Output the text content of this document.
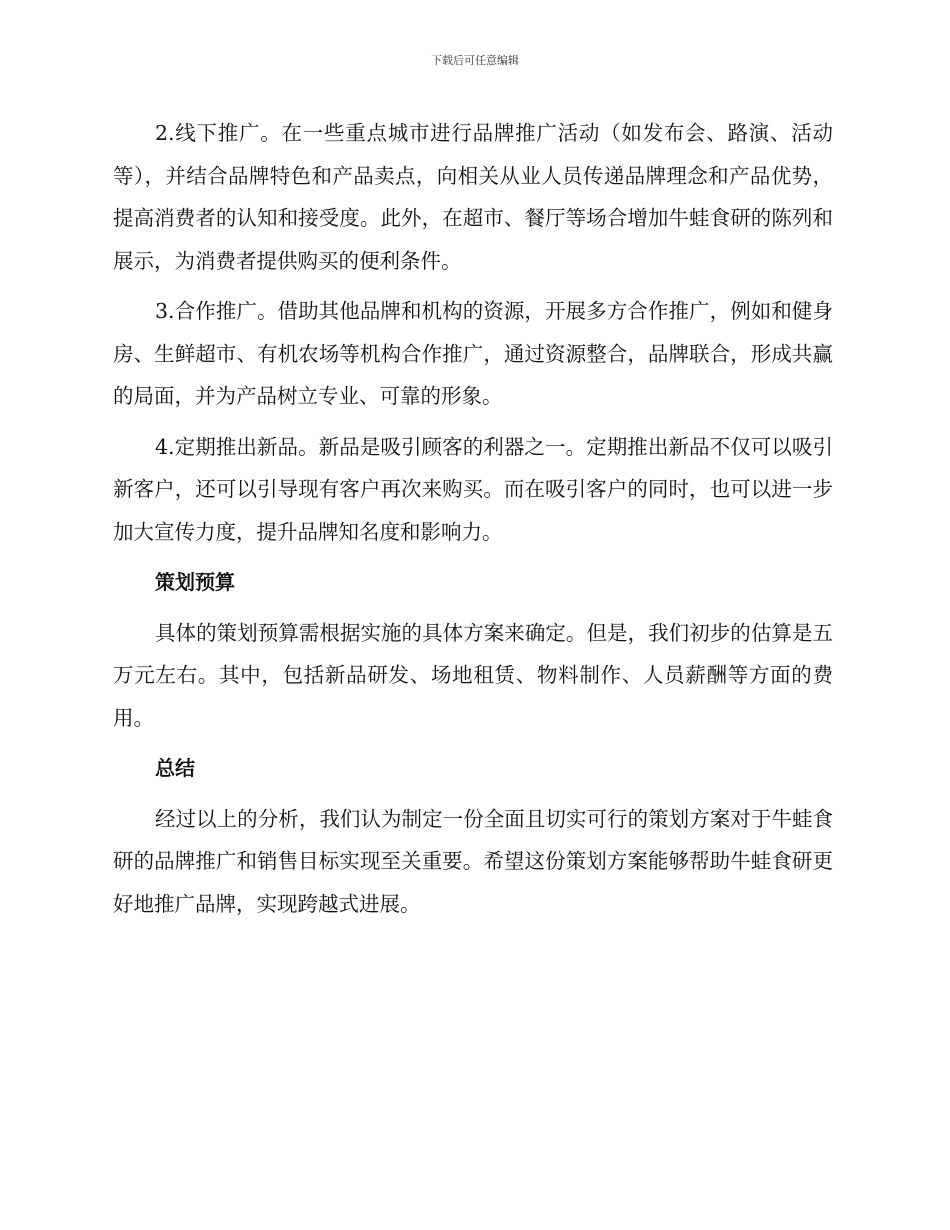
下载后可任意编辑

2.线下推广。在一些重点城市进行品牌推广活动（如发布会、路演、活动等），并结合品牌特色和产品卖点，向相关从业人员传递品牌理念和产品优势，提高消费者的认知和接受度。此外，在超市、餐厅等场合增加牛蛙食研的陈列和展示，为消费者提供购买的便利条件。

3.合作推广。借助其他品牌和机构的资源，开展多方合作推广，例如和健身房、生鲜超市、有机农场等机构合作推广，通过资源整合，品牌联合，形成共赢的局面，并为产品树立专业、可靠的形象。

4.定期推出新品。新品是吸引顾客的利器之一。定期推出新品不仅可以吸引新客户，还可以引导现有客户再次来购买。而在吸引客户的同时，也可以进一步加大宣传力度，提升品牌知名度和影响力。

策划预算

具体的策划预算需根据实施的具体方案来确定。但是，我们初步的估算是五万元左右。其中，包括新品研发、场地租赁、物料制作、人员薪酬等方面的费用。

总结

经过以上的分析，我们认为制定一份全面且切实可行的策划方案对于牛蛙食研的品牌推广和销售目标实现至关重要。希望这份策划方案能够帮助牛蛙食研更好地推广品牌，实现跨越式进展。
